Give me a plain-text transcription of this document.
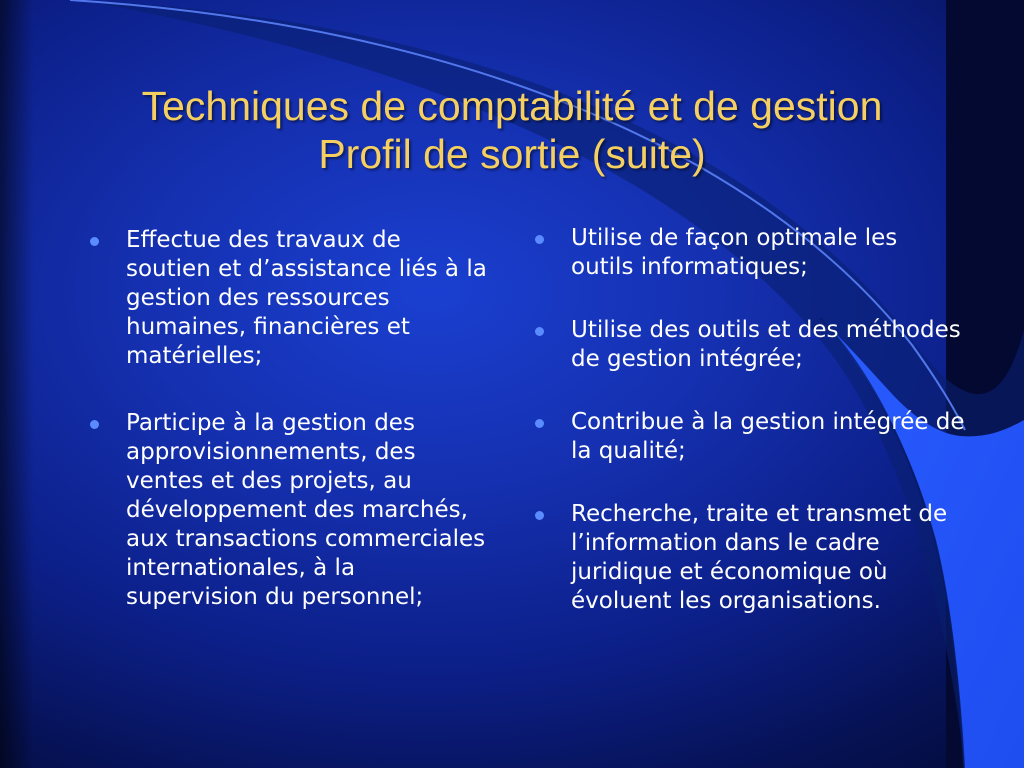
Techniques de comptabilité et de gestion
Profil de sortie (suite)
Effectue des travaux de soutien et d’assistance liés à la gestion des ressources humaines, financières et matérielles;
Participe à la gestion des approvisionnements, des ventes et des projets, au développement des marchés, aux transactions commerciales internationales, à la supervision du personnel;
Utilise de façon optimale les outils informatiques;
Utilise des outils et des méthodes de gestion intégrée;
Contribue à la gestion intégrée de la qualité;
Recherche, traite et transmet de l’information dans le cadre juridique et économique où évoluent les organisations.
